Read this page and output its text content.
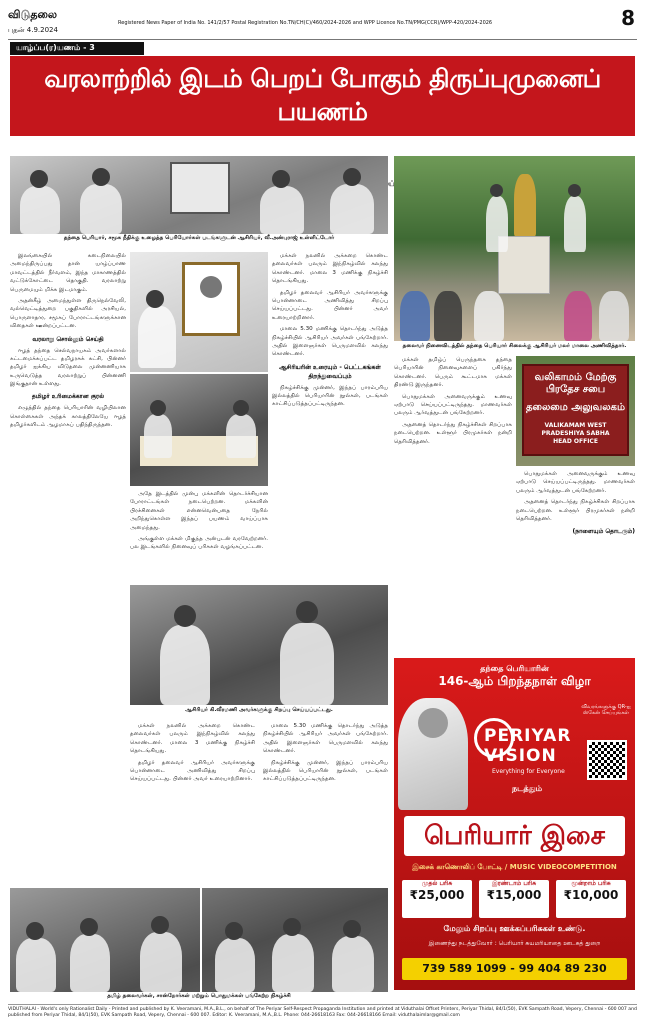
விடுதலை
புதன் 4.9.2024
Registered News Paper of India No. 141/2/57 Postal Registration No.TN/CH(C)/460/2024-2026 and WPP Licence No.TN/PMG(CCR)/WPP-420/2024-2026	8
யாழ்ப்ப(ர)யணம் - 3
வரலாற்றில் இடம் பெறப் போகும் திருப்புமுனைப் பயணம்
சிறப்புச்
தந்தை பெரியார், சமூக நீதிக்கு உழைத்த பெரியோர்கள் படங்களுடன் ஆசிரியர், வீ.அன்புராஜ் உள்ளிட்டோர்
தலைவர் நினைவிடத்தில் தந்தை பெரியார் சிலைக்கு ஆசிரியர் மலர் மாலை அணிவித்தார்.

இலங்கையில் கடைநிலையில் அமைந்திருப்பது தான் யாழ்ப்பாண மாவட்டத்தில் நீர்வளம், இந்த மாகாணத்தில் வட்டுக்கோட்டை தொகுதி. வரலாற்று பெருமையும் மிக்க இடமாகும்.

அதன்கீழ் அமைந்துள்ள திருநெல்வேலி, வல்வெட்டித்துறை பகுதிகளில் அரசியல், பொருளாதார, சமூகப் போராட்டங்களுக்கான விதைகள் ஊன்றப்பட்டன.

வரலாறு சொல்லும் செய்தி

ஈழத் தந்தை செல்வநாயகம் அவர்களால் கட்டமைக்கப்பட்ட தமிழரசுக் கட்சி, பின்னர் தமிழர் ஐக்கிய விடுதலை முன்னணியாக உருவெடுத்த வரலாற்றுப் பின்னணி இங்குதான் உள்ளது.

தமிழர் உரிமைக்கான குரல்

எழுத்தில் தந்தை பெரியாரின் வழியிலான கொள்கைகள் அந்தக் காலத்திலேயே ஈழத் தமிழர்களிடம் ஆழமாகப் பதிந்திருந்தன.

அதே இடத்தில் முன்பு மக்களின் தொடர்ச்சியான போராட்டங்கள் நடைபெற்றன. மக்களின் பிரச்சினைகள் என்னவென்பதை நேரில் அறிந்துகொள்ள இந்தப் பயணம் வாய்ப்பாக அமைந்தது.

அங்குள்ள மக்கள் மிகுந்த அன்புடன் வரவேற்றனர். பல இடங்களில் நினைவுப் பரிசுகள் வழங்கப்பட்டன.

ஆசிரியர் கி.வீரமணி அவர்களுக்கு சிறப்பு செய்யப்பட்டது.

மக்கள் நலனில் அக்கறை கொண்ட தலைவர்கள் பலரும் இந்நிகழ்வில் கலந்து கொண்டனர். மாலை 3 மணிக்கு நிகழ்ச்சி தொடங்கியது.

தமிழர் தலைவர் ஆசிரியர் அவர்களுக்கு பொன்னாடை அணிவித்து சிறப்பு செய்யப்பட்டது. பின்னர் அவர் உரையாற்றினார்.

மாலை 5.30 மணிக்கு தொடர்ந்து அடுத்த நிகழ்ச்சியில் ஆசிரியர் அவர்கள் பங்கேற்றார். அதில் இளைஞர்கள் பெருமளவில் கலந்து கொண்டனர்.

ஆசிரியரின் உரையும் - பெட்டகங்கள் திறந்துவைப்பும்

நிகழ்ச்சிக்கு முன்னர், இந்தப் பாரம்பரிய இல்லத்தில் பெரியாரின் நூல்கள், படங்கள் காட்சிப்படுத்தப்பட்டிருந்தன.

மக்கள் நலனில் அக்கறை கொண்ட தலைவர்கள் பலரும் இந்நிகழ்வில் கலந்து கொண்டனர். மாலை 3 மணிக்கு நிகழ்ச்சி தொடங்கியது.

தமிழர் தலைவர் ஆசிரியர் அவர்களுக்கு பொன்னாடை அணிவித்து சிறப்பு செய்யப்பட்டது. பின்னர் அவர் உரையாற்றினார்.

மாலை 5.30 மணிக்கு தொடர்ந்து அடுத்த நிகழ்ச்சியில் ஆசிரியர் அவர்கள் பங்கேற்றார். அதில் இளைஞர்கள் பெருமளவில் கலந்து கொண்டனர்.

நிகழ்ச்சிக்கு முன்னர், இந்தப் பாரம்பரிய இல்லத்தில் பெரியாரின் நூல்கள், படங்கள் காட்சிப்படுத்தப்பட்டிருந்தன.

மக்கள் தமிழ்ப் பெருந்தகை தந்தை பெரியாரின் நினைவுகளைப் பகிர்ந்து கொண்டனர். பெரும் கூட்டமாக மக்கள் திரண்டு இருந்தனர்.

பொதுமக்கள் அனைவருக்கும் உணவு ஏற்பாடு செய்யப்பட்டிருந்தது. மாணவர்கள் பலரும் ஆர்வத்துடன் பங்கேற்றனர்.

அதனைத் தொடர்ந்து நிகழ்ச்சிகள் சிறப்பாக நடைபெற்றன. உள்ளூர் பிரமுகர்கள் நன்றி தெரிவித்தனர்.

வலிகாமம் மேற்கு பிரதேச சபை
தலைமை அலுவலகம்
VALIKAMAM WEST PRADESHIYA SABHA
HEAD OFFICE

பொதுமக்கள் அனைவருக்கும் உணவு ஏற்பாடு செய்யப்பட்டிருந்தது. மாணவர்கள் பலரும் ஆர்வத்துடன் பங்கேற்றனர்.

அதனைத் தொடர்ந்து நிகழ்ச்சிகள் சிறப்பாக நடைபெற்றன. உள்ளூர் பிரமுகர்கள் நன்றி தெரிவித்தனர்.

(நாளையும் தொடரும்)
தந்தை பெரியாரின்
146-ஆம் பிறந்தநாள் விழா
PERIYAR VISION
Everything for Everyone
நடத்தும்
விவரங்களுக்கு QR-ஐ ஸ்கேன் செய்யுங்கள்
பெரியார் இசை
இசைக் காணொலிப் போட்டி / MUSIC VIDEOCOMPETITION
முதல் பரிசு
₹25,000
இரண்டாம் பரிசு
₹15,000
மூன்றாம் பரிசு
₹10,000
மேலும் சிறப்பு ஊக்கப்பரிசுகள் உண்டு.
இணைந்து நடத்துவோர் : பெரியார் சுயமரியாதை ஊடகத் துறை
739 589 1099 - 99 404 89 230
தமிழ் தலைவர்கள், சான்றோர்கள் மற்றும் பொதுமக்கள் பங்கேற்ற நிகழ்ச்சி
VIDUTHALAI - World's only Rationalist Daily - Printed and published by K. Veeramani, M.A.,B.L., on behalf of The Periyar Self-Respect Propaganda Institution and printed at Viduthalai Offset Printers, Periyar Thidal, 84/1(50), EVK Sampath Road, Vepery, Chennai - 600 007 and published from Periyar Thidal, 84/1(50), EVK Sampath Road, Vepery, Chennai - 600 007. Editor: K. Veeramani, M.A.,B.L. Phone: 044-26618163 Fax: 044-26618166 Email: viduthalaimlar@gmail.com
